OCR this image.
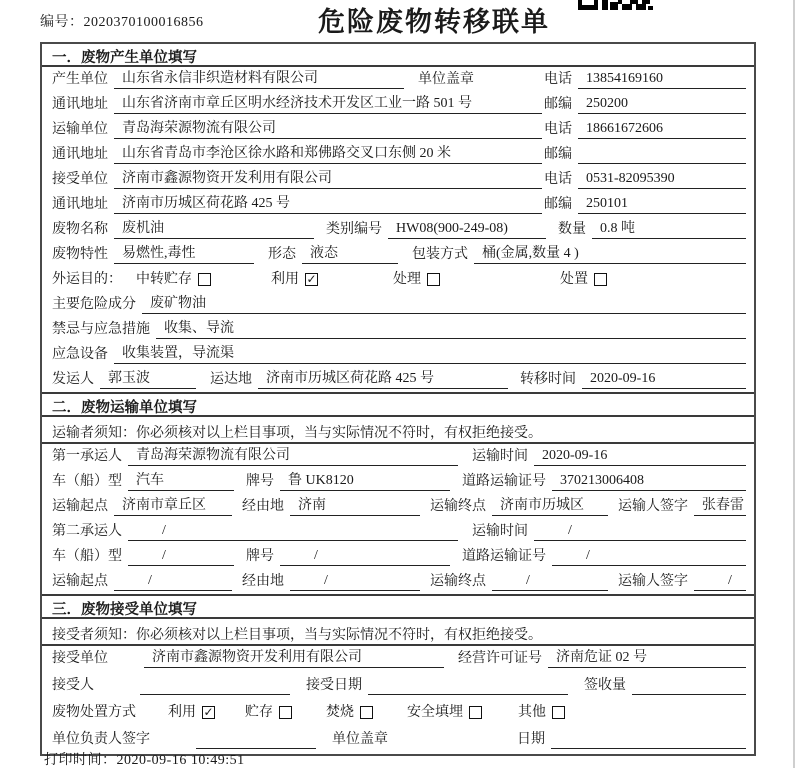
编号：2020370100016856	危险废物转移联单
一．废物产生单位填写
产生单位	山东省永信非织造材料有限公司	单位盖章	电话	13854169160
通讯地址	山东省济南市章丘区明水经济技术开发区工业一路 501 号	邮编	250200
运输单位	青岛海荣源物流有限公司	电话	18661672606
通讯地址	山东省青岛市李沧区徐水路和郑佛路交叉口东侧 20 米	邮编
接受单位	济南市鑫源物资开发利用有限公司	电话	0531-82095390
通讯地址	济南市历城区荷花路 425 号	邮编	250101
废物名称	废机油	类别编号	HW08(900-249-08)	数量	0.8 吨
废物特性	易燃性,毒性	形态	液态	包装方式	桶(金属,数量 4 )
外运目的： 中转贮存	利用 ✓	处理	处置
主要危险成分	废矿物油
禁忌与应急措施	收集、导流
应急设备	收集装置，导流渠
发运人	郭玉波	运达地	济南市历城区荷花路 425 号	转移时间	2020-09-16
二．废物运输单位填写
运输者须知：你必须核对以上栏目事项，当与实际情况不符时，有权拒绝接受。
第一承运人	青岛海荣源物流有限公司	运输时间	2020-09-16
车（船）型	汽车	牌号	鲁 UK8120	道路运输证号	370213006408
运输起点	济南市章丘区	经由地	济南	运输终点	济南市历城区	运输人签字	张春雷
第二承运人	/	运输时间	/
车（船）型	/	牌号	/	道路运输证号	/
运输起点	/	经由地	/	运输终点	/	运输人签字	/
三．废物接受单位填写
接受者须知：你必须核对以上栏目事项，当与实际情况不符时，有权拒绝接受。
接受单位	济南市鑫源物资开发利用有限公司	经营许可证号	济南危证 02 号
接受人	接受日期	签收量
废物处置方式 利用 ✓ 贮存	焚烧	安全填埋	其他
单位负责人签字	单位盖章	日期
打印时间：2020-09-16 10:49:51
